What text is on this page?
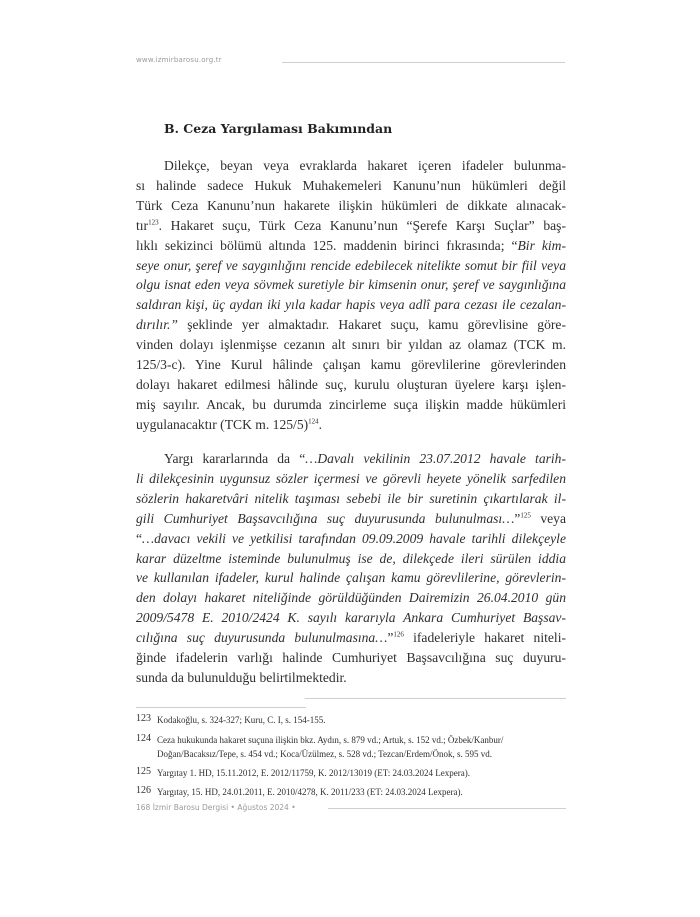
www.izmirbarosu.org.tr
B. Ceza Yargılaması Bakımından
Dilekçe, beyan veya evraklarda hakaret içeren ifadeler bulunma-
sı halinde sadece Hukuk Muhakemeleri Kanunu’nun hükümleri değil
Türk Ceza Kanunu’nun hakarete ilişkin hükümleri de dikkate alınacak-
tır$^{123}$. Hakaret suçu, Türk Ceza Kanunu’nun “Şerefe Karşı Suçlar” baş-
lıklı sekizinci bölümü altında 125. maddenin birinci fıkrasında; “Bir kim-
seye onur, şeref ve saygınlığını rencide edebilecek nitelikte somut bir fiil veya
olgu isnat eden veya sövmek suretiyle bir kimsenin onur, şeref ve saygınlığına
saldıran kişi, üç aydan iki yıla kadar hapis veya adlî para cezası ile cezalan-
dırılır.” şeklinde yer almaktadır. Hakaret suçu, kamu görevlisine göre-
vinden dolayı işlenmişse cezanın alt sınırı bir yıldan az olamaz (TCK m.
125/3-c). Yine Kurul hâlinde çalışan kamu görevlilerine görevlerinden
dolayı hakaret edilmesi hâlinde suç, kurulu oluşturan üyelere karşı işlen-
miş sayılır. Ancak, bu durumda zincirleme suça ilişkin madde hükümleri
uygulanacaktır (TCK m. 125/5)$^{124}$.
Yargı kararlarında da “…Davalı vekilinin 23.07.2012 havale tarih-
li dilekçesinin uygunsuz sözler içermesi ve görevli heyete yönelik sarfedilen
sözlerin hakaretvâri nitelik taşıması sebebi ile bir suretinin çıkartılarak il-
gili Cumhuriyet Başsavcılığına suç duyurusunda bulunulması…”$^{125}$ veya
“…davacı vekili ve yetkilisi tarafından 09.09.2009 havale tarihli dilekçeyle
karar düzeltme isteminde bulunulmuş ise de, dilekçede ileri sürülen iddia
ve kullanılan ifadeler, kurul halinde çalışan kamu görevlilerine, görevlerin-
den dolayı hakaret niteliğinde görüldüğünden Dairemizin 26.04.2010 gün
2009/5478 E. 2010/2424 K. sayılı kararıyla Ankara Cumhuriyet Başsav-
cılığına suç duyurusunda bulunulmasına…”$^{126}$ ifadeleriyle hakaret niteli-
ğinde ifadelerin varlığı halinde Cumhuriyet Başsavcılığına suç duyuru-
sunda da bulunulduğu belirtilmektedir.
123 Kodakoğlu, s. 324-327; Kuru, C. I, s. 154-155.
124 Ceza hukukunda hakaret suçuna ilişkin bkz. Aydın, s. 879 vd.; Artuk, s. 152 vd.; Özbek/Kanbur/
Doğan/Bacaksız/Tepe, s. 454 vd.; Koca/Üzülmez, s. 528 vd.; Tezcan/Erdem/Önok, s. 595 vd.
125 Yargıtay 1. HD, 15.11.2012, E. 2012/11759, K. 2012/13019 (ET: 24.03.2024 Lexpera).
126 Yargıtay, 15. HD, 24.01.2011, E. 2010/4278, K. 2011/233 (ET: 24.03.2024 Lexpera).
168 İzmir Barosu Dergisi • Ağustos 2024 •
